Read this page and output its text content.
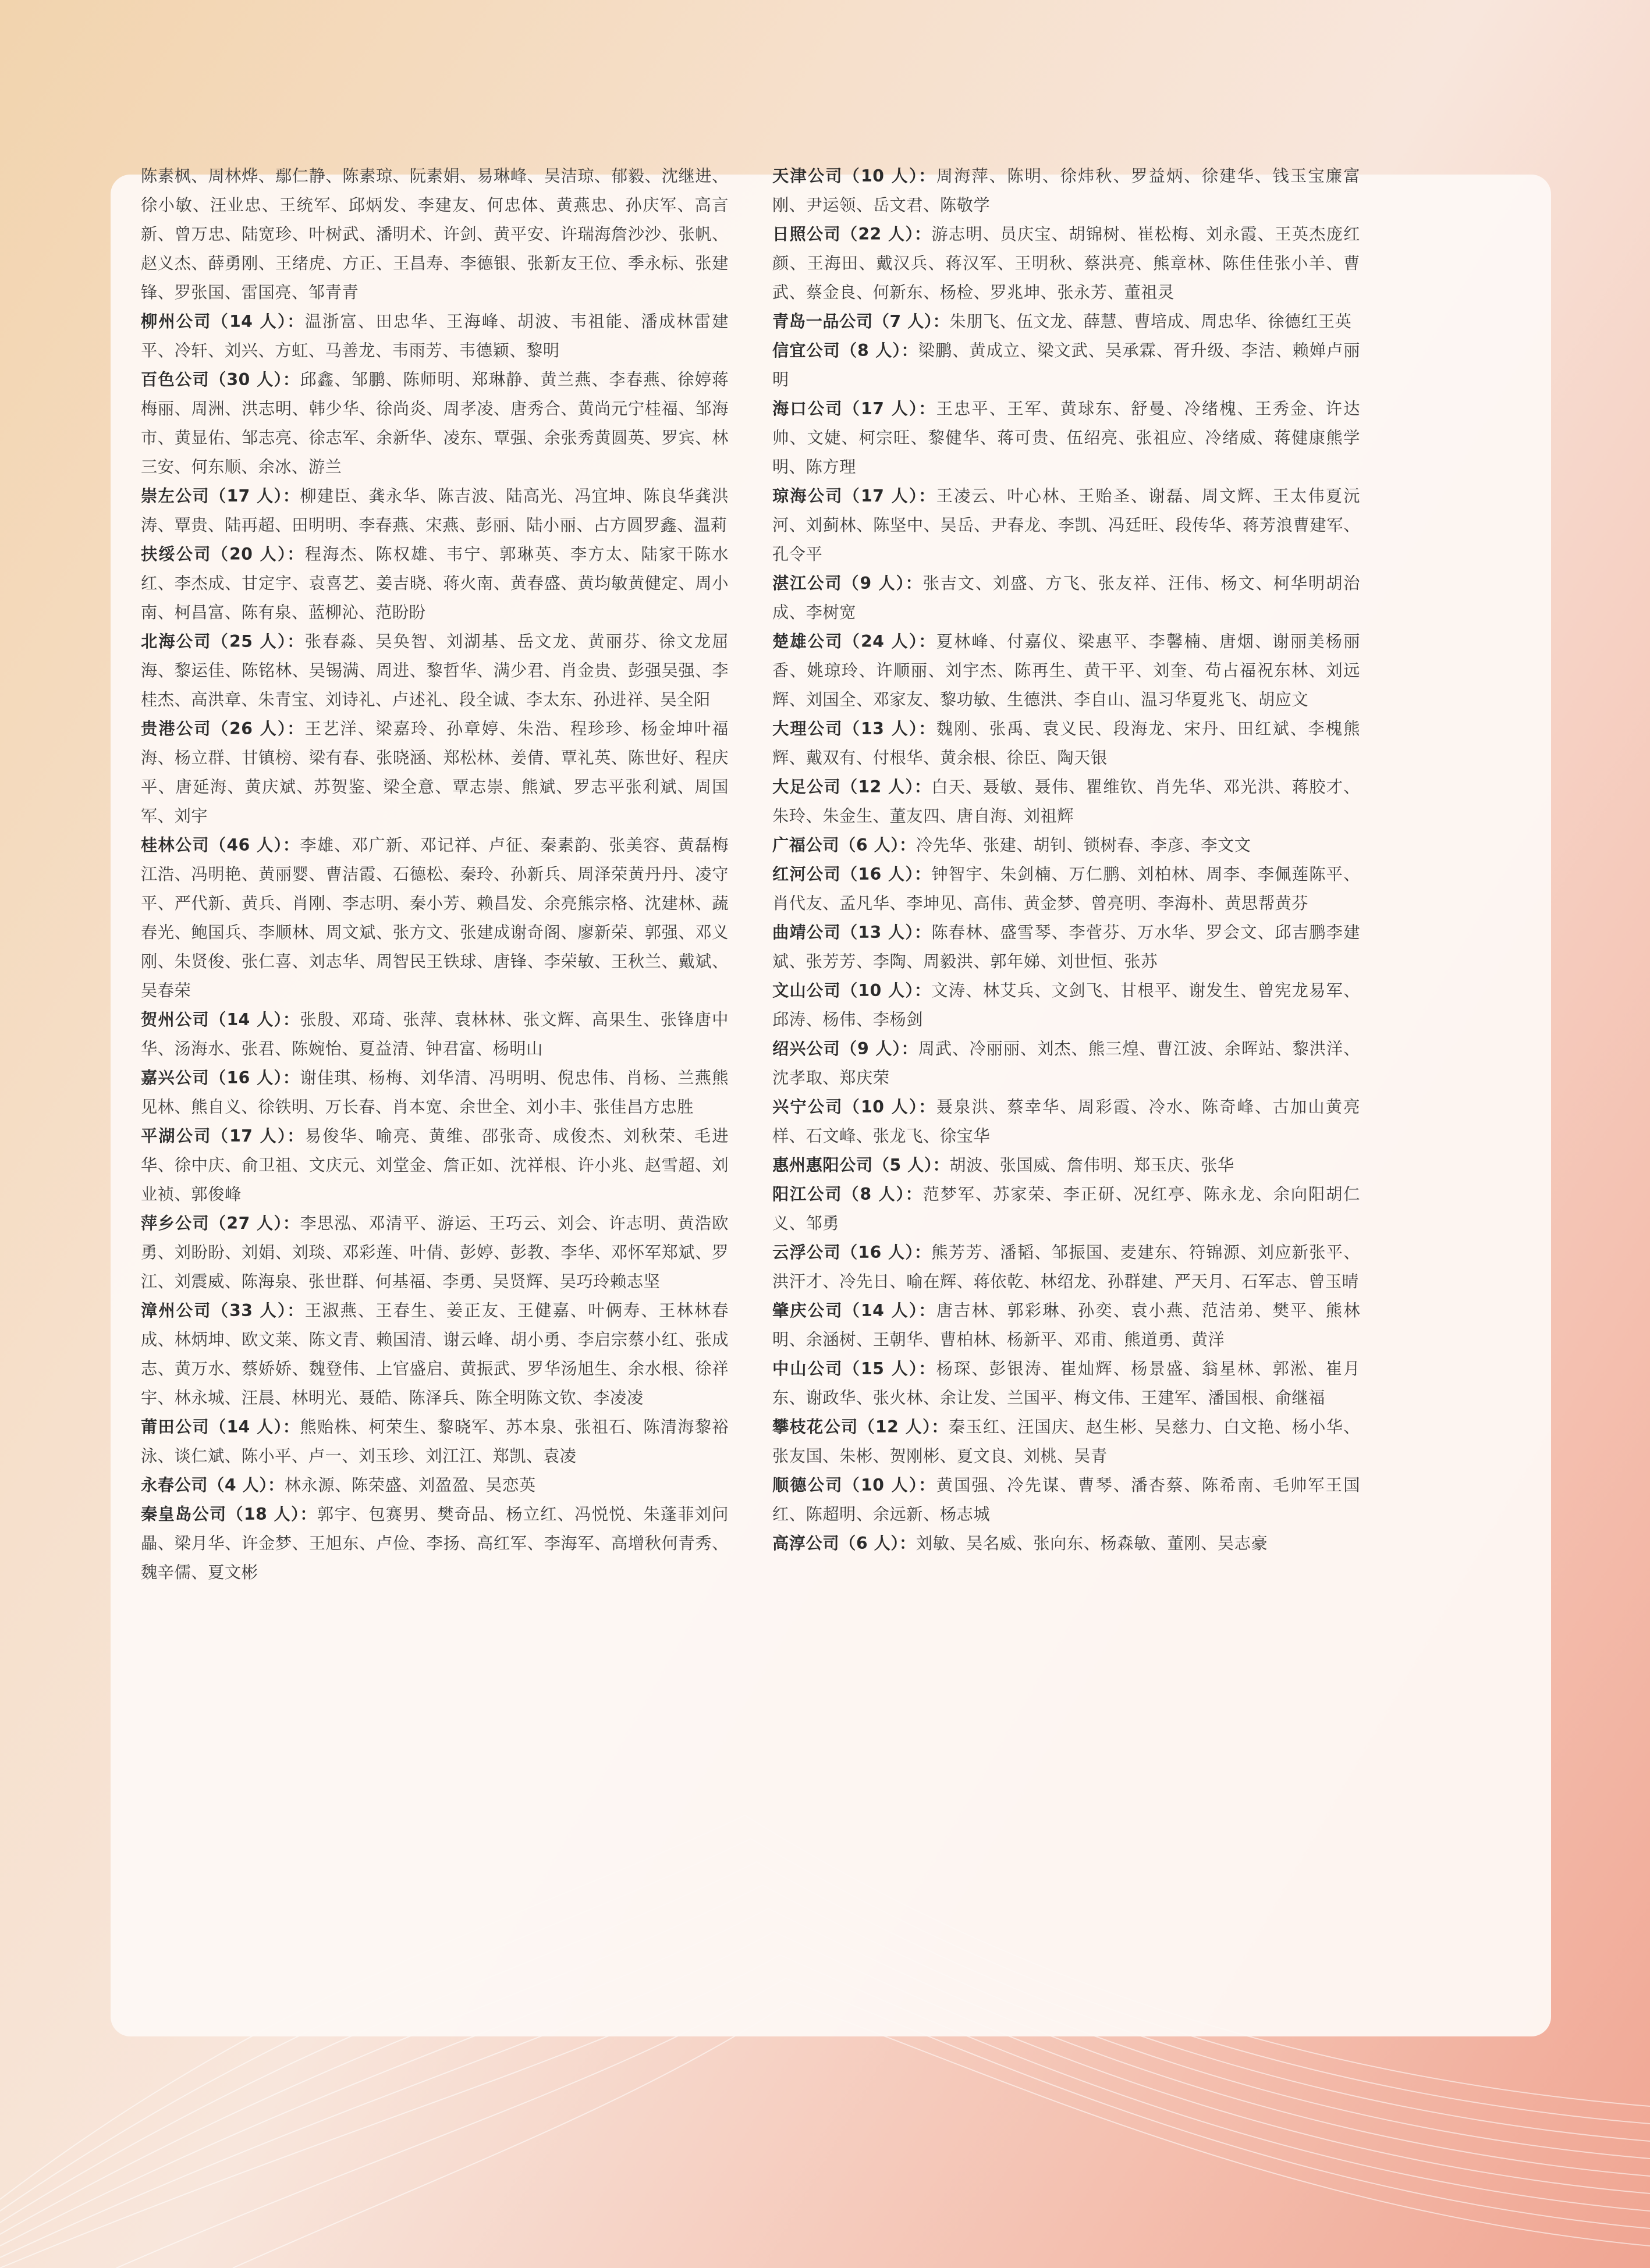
陈素枫、周林烨、鄢仁静、陈素琼、阮素娟、易琳峰、吴洁琼、郁毅、沈继进、徐小敏、汪业忠、王统军、邱炳发、李建友、何忠体、黄燕忠、孙庆军、高言新、曾万忠、陆宽珍、叶树武、潘明术、许剑、黄平安、许瑞海詹沙沙、张帆、赵义杰、薛勇刚、王绪虎、方正、王昌寿、李德银、张新友王位、季永标、张建锋、罗张国、雷国亮、邹青青

柳州公司（14 人）：温浙富、田忠华、王海峰、胡波、韦祖能、潘成林雷建平、冷轩、刘兴、方虹、马善龙、韦雨芳、韦德颖、黎明

百色公司（30 人）：邱鑫、邹鹏、陈师明、郑琳静、黄兰燕、李春燕、徐婷蒋梅丽、周洲、洪志明、韩少华、徐尚炎、周孝凌、唐秀合、黄尚元宁桂福、邹海市、黄显佑、邹志亮、徐志军、余新华、凌东、覃强、余张秀黄圆英、罗宾、林三安、何东顺、余冰、游兰

崇左公司（17 人）：柳建臣、龚永华、陈吉波、陆高光、冯宜坤、陈良华龚洪涛、覃贵、陆再超、田明明、李春燕、宋燕、彭丽、陆小丽、占方圆罗鑫、温莉

扶绥公司（20 人）：程海杰、陈权雄、韦宁、郭琳英、李方太、陆家干陈水红、李杰成、甘定宇、袁喜艺、姜吉晓、蒋火南、黄春盛、黄均敏黄健定、周小南、柯昌富、陈有泉、蓝柳沁、范盼盼

北海公司（25 人）：张春淼、吴奂智、刘湖基、岳文龙、黄丽芬、徐文龙屈海、黎运佳、陈铭林、吴锡满、周进、黎哲华、满少君、肖金贵、彭强吴强、李桂杰、高洪章、朱青宝、刘诗礼、卢述礼、段全诚、李太东、孙进祥、吴全阳

贵港公司（26 人）：王艺洋、梁嘉玲、孙章婷、朱浩、程珍珍、杨金坤叶福海、杨立群、甘镇榜、梁有春、张晓涵、郑松林、姜倩、覃礼英、陈世好、程庆平、唐延海、黄庆斌、苏贺鉴、梁全意、覃志崇、熊斌、罗志平张利斌、周国军、刘宇

桂林公司（46 人）：李雄、邓广新、邓记祥、卢征、秦素韵、张美容、黄磊梅江浩、冯明艳、黄丽婴、曹洁霞、石德松、秦玲、孙新兵、周泽荣黄丹丹、凌守平、严代新、黄兵、肖刚、李志明、秦小芳、赖昌发、余亮熊宗格、沈建林、蔬春光、鲍国兵、李顺林、周文斌、张方文、张建成谢奇阁、廖新荣、郭强、邓义刚、朱贤俊、张仁喜、刘志华、周智民王铁球、唐锋、李荣敏、王秋兰、戴斌、吴春荣

贺州公司（14 人）：张殷、邓琦、张萍、袁林林、张文辉、高果生、张锋唐中华、汤海水、张君、陈婉怡、夏益清、钟君富、杨明山

嘉兴公司（16 人）：谢佳琪、杨梅、刘华清、冯明明、倪忠伟、肖杨、兰燕熊见林、熊自义、徐铁明、万长春、肖本宽、余世全、刘小丰、张佳昌方忠胜

平湖公司（17 人）：易俊华、喻亮、黄维、邵张奇、成俊杰、刘秋荣、毛进华、徐中庆、俞卫祖、文庆元、刘堂金、詹正如、沈祥根、许小兆、赵雪超、刘业祯、郭俊峰

萍乡公司（27 人）：李思泓、邓清平、游运、王巧云、刘会、许志明、黄浩欧勇、刘盼盼、刘娟、刘琰、邓彩莲、叶倩、彭婷、彭教、李华、邓怀军郑斌、罗江、刘震威、陈海泉、张世群、何基福、李勇、吴贤辉、吴巧玲赖志坚

漳州公司（33 人）：王淑燕、王春生、姜正友、王健嘉、叶俩寿、王林林春成、林炳坤、欧文莱、陈文青、赖国清、谢云峰、胡小勇、李启宗蔡小红、张成志、黄万水、蔡娇娇、魏登伟、上官盛启、黄振武、罗华汤旭生、余水根、徐祥宇、林永城、汪晨、林明光、聂皓、陈泽兵、陈全明陈文钦、李凌凌

莆田公司（14 人）：熊贻株、柯荣生、黎晓军、苏本泉、张祖石、陈清海黎裕泳、谈仁斌、陈小平、卢一、刘玉珍、刘江江、郑凯、袁凌

永春公司（4 人）：林永源、陈荣盛、刘盈盈、吴恋英

秦皇岛公司（18 人）：郭宇、包赛男、樊奇品、杨立红、冯悦悦、朱蓬菲刘问畾、梁月华、许金梦、王旭东、卢俭、李扬、高红军、李海军、高增秋何青秀、魏辛儒、夏文彬

天津公司（10 人）：周海萍、陈明、徐炜秋、罗益炳、徐建华、钱玉宝廉富刚、尹运领、岳文君、陈敬学

日照公司（22 人）：游志明、员庆宝、胡锦树、崔松梅、刘永霞、王英杰庞红颜、王海田、戴汉兵、蒋汉军、王明秋、蔡洪亮、熊章林、陈佳佳张小羊、曹武、蔡金良、何新东、杨检、罗兆坤、张永芳、董祖灵

青岛一品公司（7 人）：朱朋飞、伍文龙、薛慧、曹培成、周忠华、徐德红王英

信宜公司（8 人）：梁鹏、黄成立、梁文武、吴承霖、胥升级、李洁、赖婵卢丽明

海口公司（17 人）：王忠平、王军、黄球东、舒曼、冷绪槐、王秀金、许达帅、文婕、柯宗旺、黎健华、蒋可贵、伍绍亮、张祖应、冷绪威、蒋健康熊学明、陈方理

琼海公司（17 人）：王凌云、叶心林、王贻圣、谢磊、周文辉、王太伟夏沅河、刘蓟林、陈坚中、吴岳、尹春龙、李凯、冯廷旺、段传华、蒋芳浪曹建军、孔令平

湛江公司（9 人）：张吉文、刘盛、方飞、张友祥、汪伟、杨文、柯华明胡治成、李树宽

楚雄公司（24 人）：夏林峰、付嘉仪、梁惠平、李馨楠、唐烟、谢丽美杨丽香、姚琼玲、许顺丽、刘宇杰、陈再生、黄干平、刘奎、苟占福祝东林、刘远辉、刘国全、邓家友、黎功敏、生德洪、李自山、温习华夏兆飞、胡应文

大理公司（13 人）：魏刚、张禹、袁义民、段海龙、宋丹、田红斌、李槐熊辉、戴双有、付根华、黄余根、徐臣、陶天银

大足公司（12 人）：白天、聂敏、聂伟、瞿维钦、肖先华、邓光洪、蒋胶才、朱玲、朱金生、董友四、唐自海、刘祖辉

广福公司（6 人）：冷先华、张建、胡钊、锁树春、李彦、李文文

红河公司（16 人）：钟智宇、朱剑楠、万仁鹏、刘柏林、周李、李佩莲陈平、肖代友、孟凡华、李坤见、高伟、黄金梦、曾亮明、李海朴、黄思帮黄芬

曲靖公司（13 人）：陈春林、盛雪琴、李菅芬、万水华、罗会文、邱吉鹏李建斌、张芳芳、李陶、周毅洪、郭年娣、刘世恒、张苏

文山公司（10 人）：文涛、林艾兵、文剑飞、甘根平、谢发生、曾宪龙易军、邱涛、杨伟、李杨剑

绍兴公司（9 人）：周武、冷丽丽、刘杰、熊三煌、曹江波、余晖站、黎洪洋、沈孝取、郑庆荣

兴宁公司（10 人）：聂泉洪、蔡幸华、周彩霞、冷水、陈奇峰、古加山黄亮样、石文峰、张龙飞、徐宝华

惠州惠阳公司（5 人）：胡波、张国威、詹伟明、郑玉庆、张华

阳江公司（8 人）：范梦军、苏家荣、李正研、况红亭、陈永龙、余向阳胡仁义、邹勇

云浮公司（16 人）：熊芳芳、潘韬、邹振国、麦建东、符锦源、刘应新张平、洪汗才、冷先日、喻在辉、蒋依乾、林绍龙、孙群建、严天月、石军志、曾玉晴

肇庆公司（14 人）：唐吉林、郭彩琳、孙奕、袁小燕、范洁弟、樊平、熊林明、余涵树、王朝华、曹柏林、杨新平、邓甫、熊道勇、黄洋

中山公司（15 人）：杨琛、彭银涛、崔灿辉、杨景盛、翁星林、郭淞、崔月东、谢政华、张火林、余让发、兰国平、梅文伟、王建军、潘国根、俞继福

攀枝花公司（12 人）：秦玉红、汪国庆、赵生彬、吴慈力、白文艳、杨小华、张友国、朱彬、贺刚彬、夏文良、刘桃、吴青

顺德公司（10 人）：黄国强、冷先谋、曹琴、潘杏蔡、陈希南、毛帅军王国红、陈超明、余远新、杨志城

高淳公司（6 人）：刘敏、吴名威、张向东、杨森敏、董刚、吴志豪
